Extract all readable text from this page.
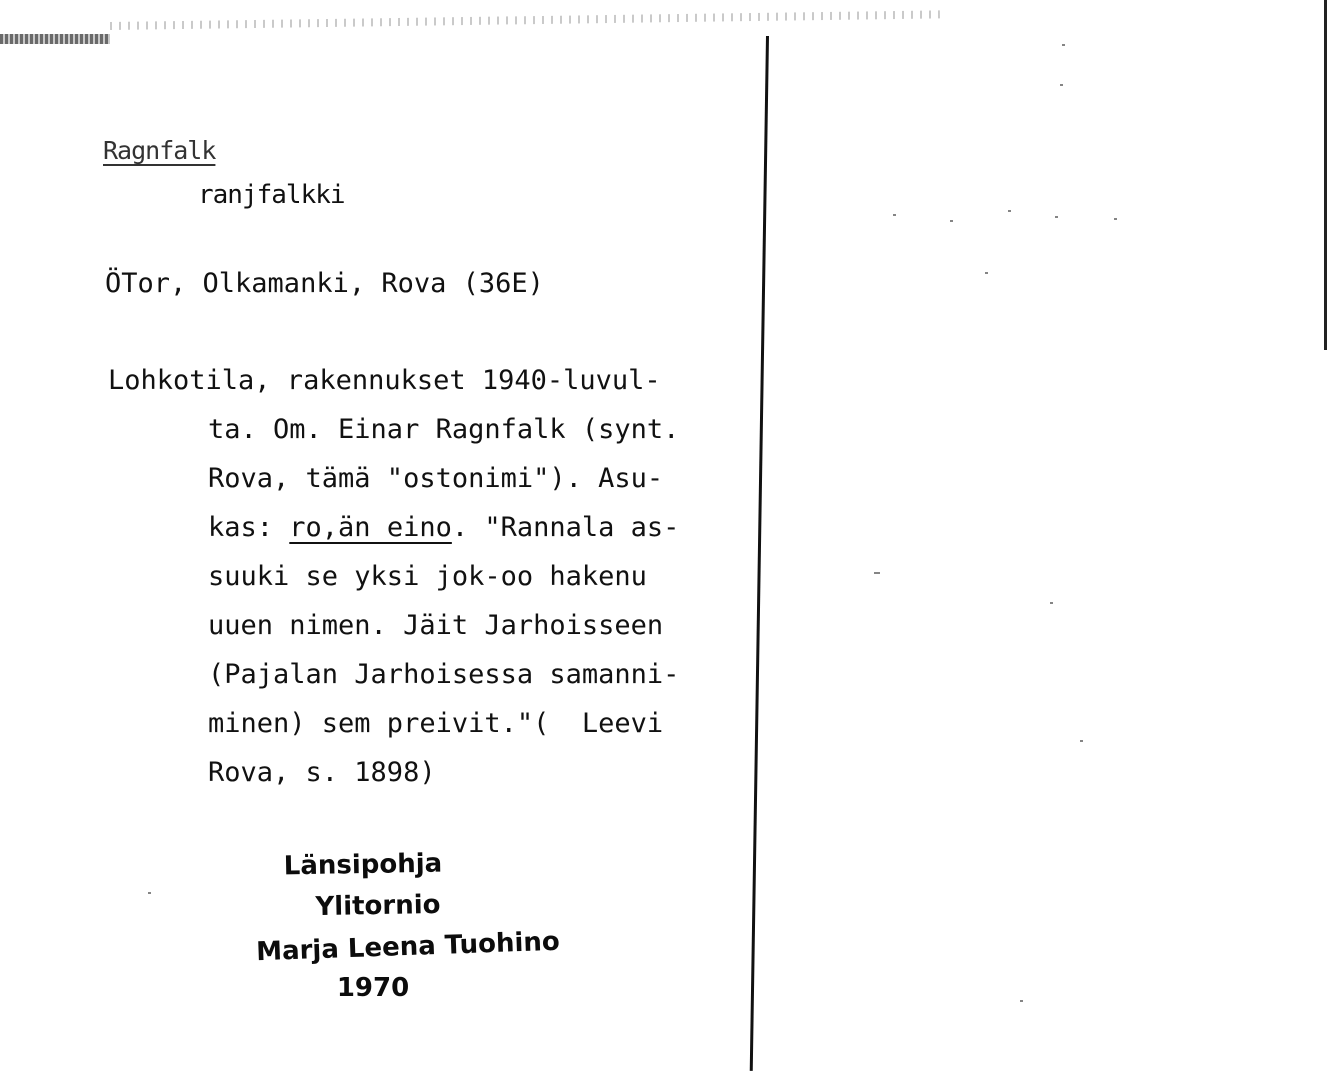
Ragnfalk
ranjfalkki
ÖTor, Olkamanki, Rova (36E)
Lohkotila, rakennukset 1940-luvul-
ta. Om. Einar Ragnfalk (synt.
Rova, tämä "ostonimi"). Asu-
kas: ro,än eino. "Rannala as-
suuki se yksi jok-oo hakenu
uuen nimen. Jäit Jarhoisseen
(Pajalan Jarhoisessa samanni-
minen) sem preivit."(  Leevi
Rova, s. 1898)
Länsipohja
Ylitornio
Marja Leena Tuohino
1970
